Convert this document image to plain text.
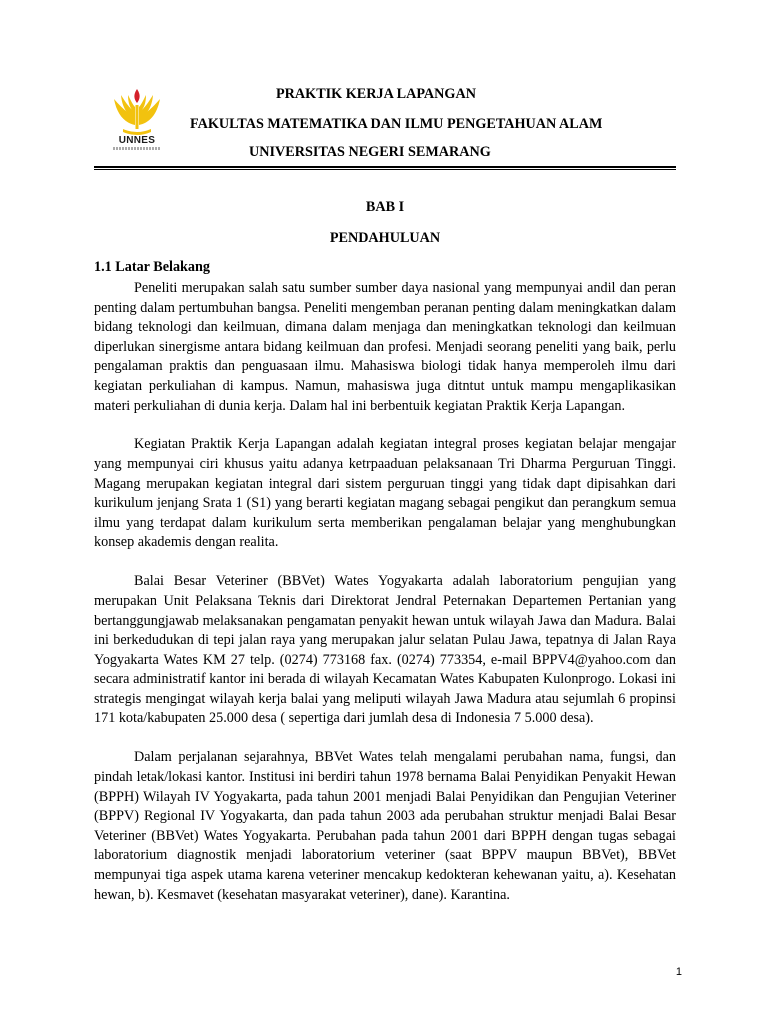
UNNES
PRAKTIK KERJA LAPANGAN
FAKULTAS MATEMATIKA DAN ILMU PENGETAHUAN ALAM
UNIVERSITAS NEGERI SEMARANG
BAB I
PENDAHULUAN
1.1 Latar Belakang

Peneliti merupakan salah satu sumber sumber daya nasional yang mempunyai andil dan peran penting dalam pertumbuhan bangsa. Peneliti mengemban peranan penting dalam meningkatkan dalam bidang teknologi dan keilmuan, dimana dalam menjaga dan meningkatkan teknologi dan keilmuan diperlukan sinergisme antara bidang keilmuan dan profesi. Menjadi seorang peneliti yang baik, perlu pengalaman praktis dan penguasaan ilmu. Mahasiswa biologi tidak hanya memperoleh ilmu dari kegiatan perkuliahan di kampus. Namun, mahasiswa juga ditntut untuk mampu mengaplikasikan materi perkuliahan di dunia kerja. Dalam hal ini berbentuik kegiatan Praktik Kerja Lapangan.

Kegiatan Praktik Kerja Lapangan adalah kegiatan integral proses kegiatan belajar mengajar yang mempunyai ciri khusus yaitu adanya ketrpaaduan pelaksanaan Tri Dharma Perguruan Tinggi. Magang merupakan kegiatan integral dari sistem perguruan tinggi yang tidak dapt dipisahkan dari kurikulum jenjang Srata 1 (S1) yang berarti kegiatan magang sebagai pengikut dan perangkum semua ilmu yang terdapat dalam kurikulum serta memberikan pengalaman belajar yang menghubungkan konsep akademis dengan realita.

Balai Besar Veteriner (BBVet) Wates Yogyakarta adalah laboratorium pengujian yang merupakan Unit Pelaksana Teknis dari Direktorat Jendral Peternakan Departemen Pertanian yang bertanggungjawab melaksanakan pengamatan penyakit hewan untuk wilayah Jawa dan Madura. Balai ini berkedudukan di tepi jalan raya yang merupakan jalur selatan Pulau Jawa, tepatnya di Jalan Raya Yogyakarta Wates KM 27 telp. (0274) 773168 fax. (0274) 773354, e-mail BPPV4@yahoo.com dan secara administratif kantor ini berada di wilayah Kecamatan Wates Kabupaten Kulonprogo. Lokasi ini strategis mengingat wilayah kerja balai yang meliputi wilayah Jawa Madura atau sejumlah 6 propinsi 171 kota/kabupaten 25.000 desa ( sepertiga dari jumlah desa di Indonesia 7 5.000 desa).

Dalam perjalanan sejarahnya, BBVet Wates telah mengalami perubahan nama, fungsi, dan pindah letak/lokasi kantor. Institusi ini berdiri tahun 1978 bernama Balai Penyidikan Penyakit Hewan (BPPH) Wilayah IV Yogyakarta, pada tahun 2001 menjadi Balai Penyidikan dan Pengujian Veteriner (BPPV) Regional IV Yogyakarta, dan pada tahun 2003 ada perubahan struktur menjadi Balai Besar Veteriner (BBVet) Wates Yogyakarta. Perubahan pada tahun 2001 dari BPPH dengan tugas sebagai laboratorium diagnostik menjadi laboratorium veteriner (saat BPPV maupun BBVet), BBVet mempunyai tiga aspek utama karena veteriner mencakup kedokteran kehewanan yaitu, a). Kesehatan hewan, b). Kesmavet (kesehatan masyarakat veteriner), dane). Karantina.

1
